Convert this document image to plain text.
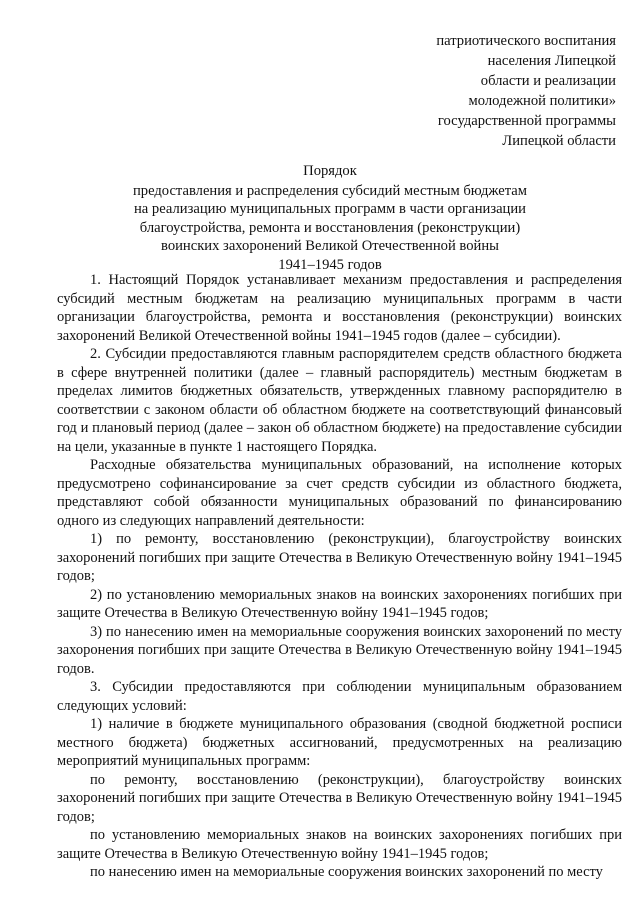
патриотического воспитания
населения Липецкой
области и реализации
молодежной политики»
государственной программы
Липецкой области
Порядок
предоставления и распределения субсидий местным бюджетам
на реализацию муниципальных программ в части организации
благоустройства, ремонта и восстановления (реконструкции)
воинских захоронений Великой Отечественной войны
1941–1945 годов

1. Настоящий Порядок устанавливает механизм предоставления и распределения субсидий местным бюджетам на реализацию муниципальных программ в части организации благоустройства, ремонта и восстановления (реконструкции) воинских захоронений Великой Отечественной войны 1941–1945 годов (далее – субсидии).

2. Субсидии предоставляются главным распорядителем средств областного бюджета в сфере внутренней политики (далее – главный распорядитель) местным бюджетам в пределах лимитов бюджетных обязательств, утвержденных главному распорядителю в соответствии с законом области об областном бюджете на соответствующий финансовый год и плановый период (далее – закон об областном бюджете) на предоставление субсидии на цели, указанные в пункте 1 настоящего Порядка.

Расходные обязательства муниципальных образований, на исполнение которых предусмотрено софинансирование за счет средств субсидии из областного бюджета, представляют собой обязанности муниципальных образований по финансированию одного из следующих направлений деятельности:

1) по ремонту, восстановлению (реконструкции), благоустройству воинских захоронений погибших при защите Отечества в Великую Отечественную войну 1941–1945 годов;

2) по установлению мемориальных знаков на воинских захоронениях погибших при защите Отечества в Великую Отечественную войну 1941–1945 годов;

3) по нанесению имен на мемориальные сооружения воинских захоронений по месту захоронения погибших при защите Отечества в Великую Отечественную войну 1941–1945 годов.

3. Субсидии предоставляются при соблюдении муниципальным образованием следующих условий:

1) наличие в бюджете муниципального образования (сводной бюджетной росписи местного бюджета) бюджетных ассигнований, предусмотренных на реализацию мероприятий муниципальных программ:

по ремонту, восстановлению (реконструкции), благоустройству воинских захоронений погибших при защите Отечества в Великую Отечественную войну 1941–1945 годов;

по установлению мемориальных знаков на воинских захоронениях погибших при защите Отечества в Великую Отечественную войну 1941–1945 годов;

по нанесению имен на мемориальные сооружения воинских захоронений по месту
